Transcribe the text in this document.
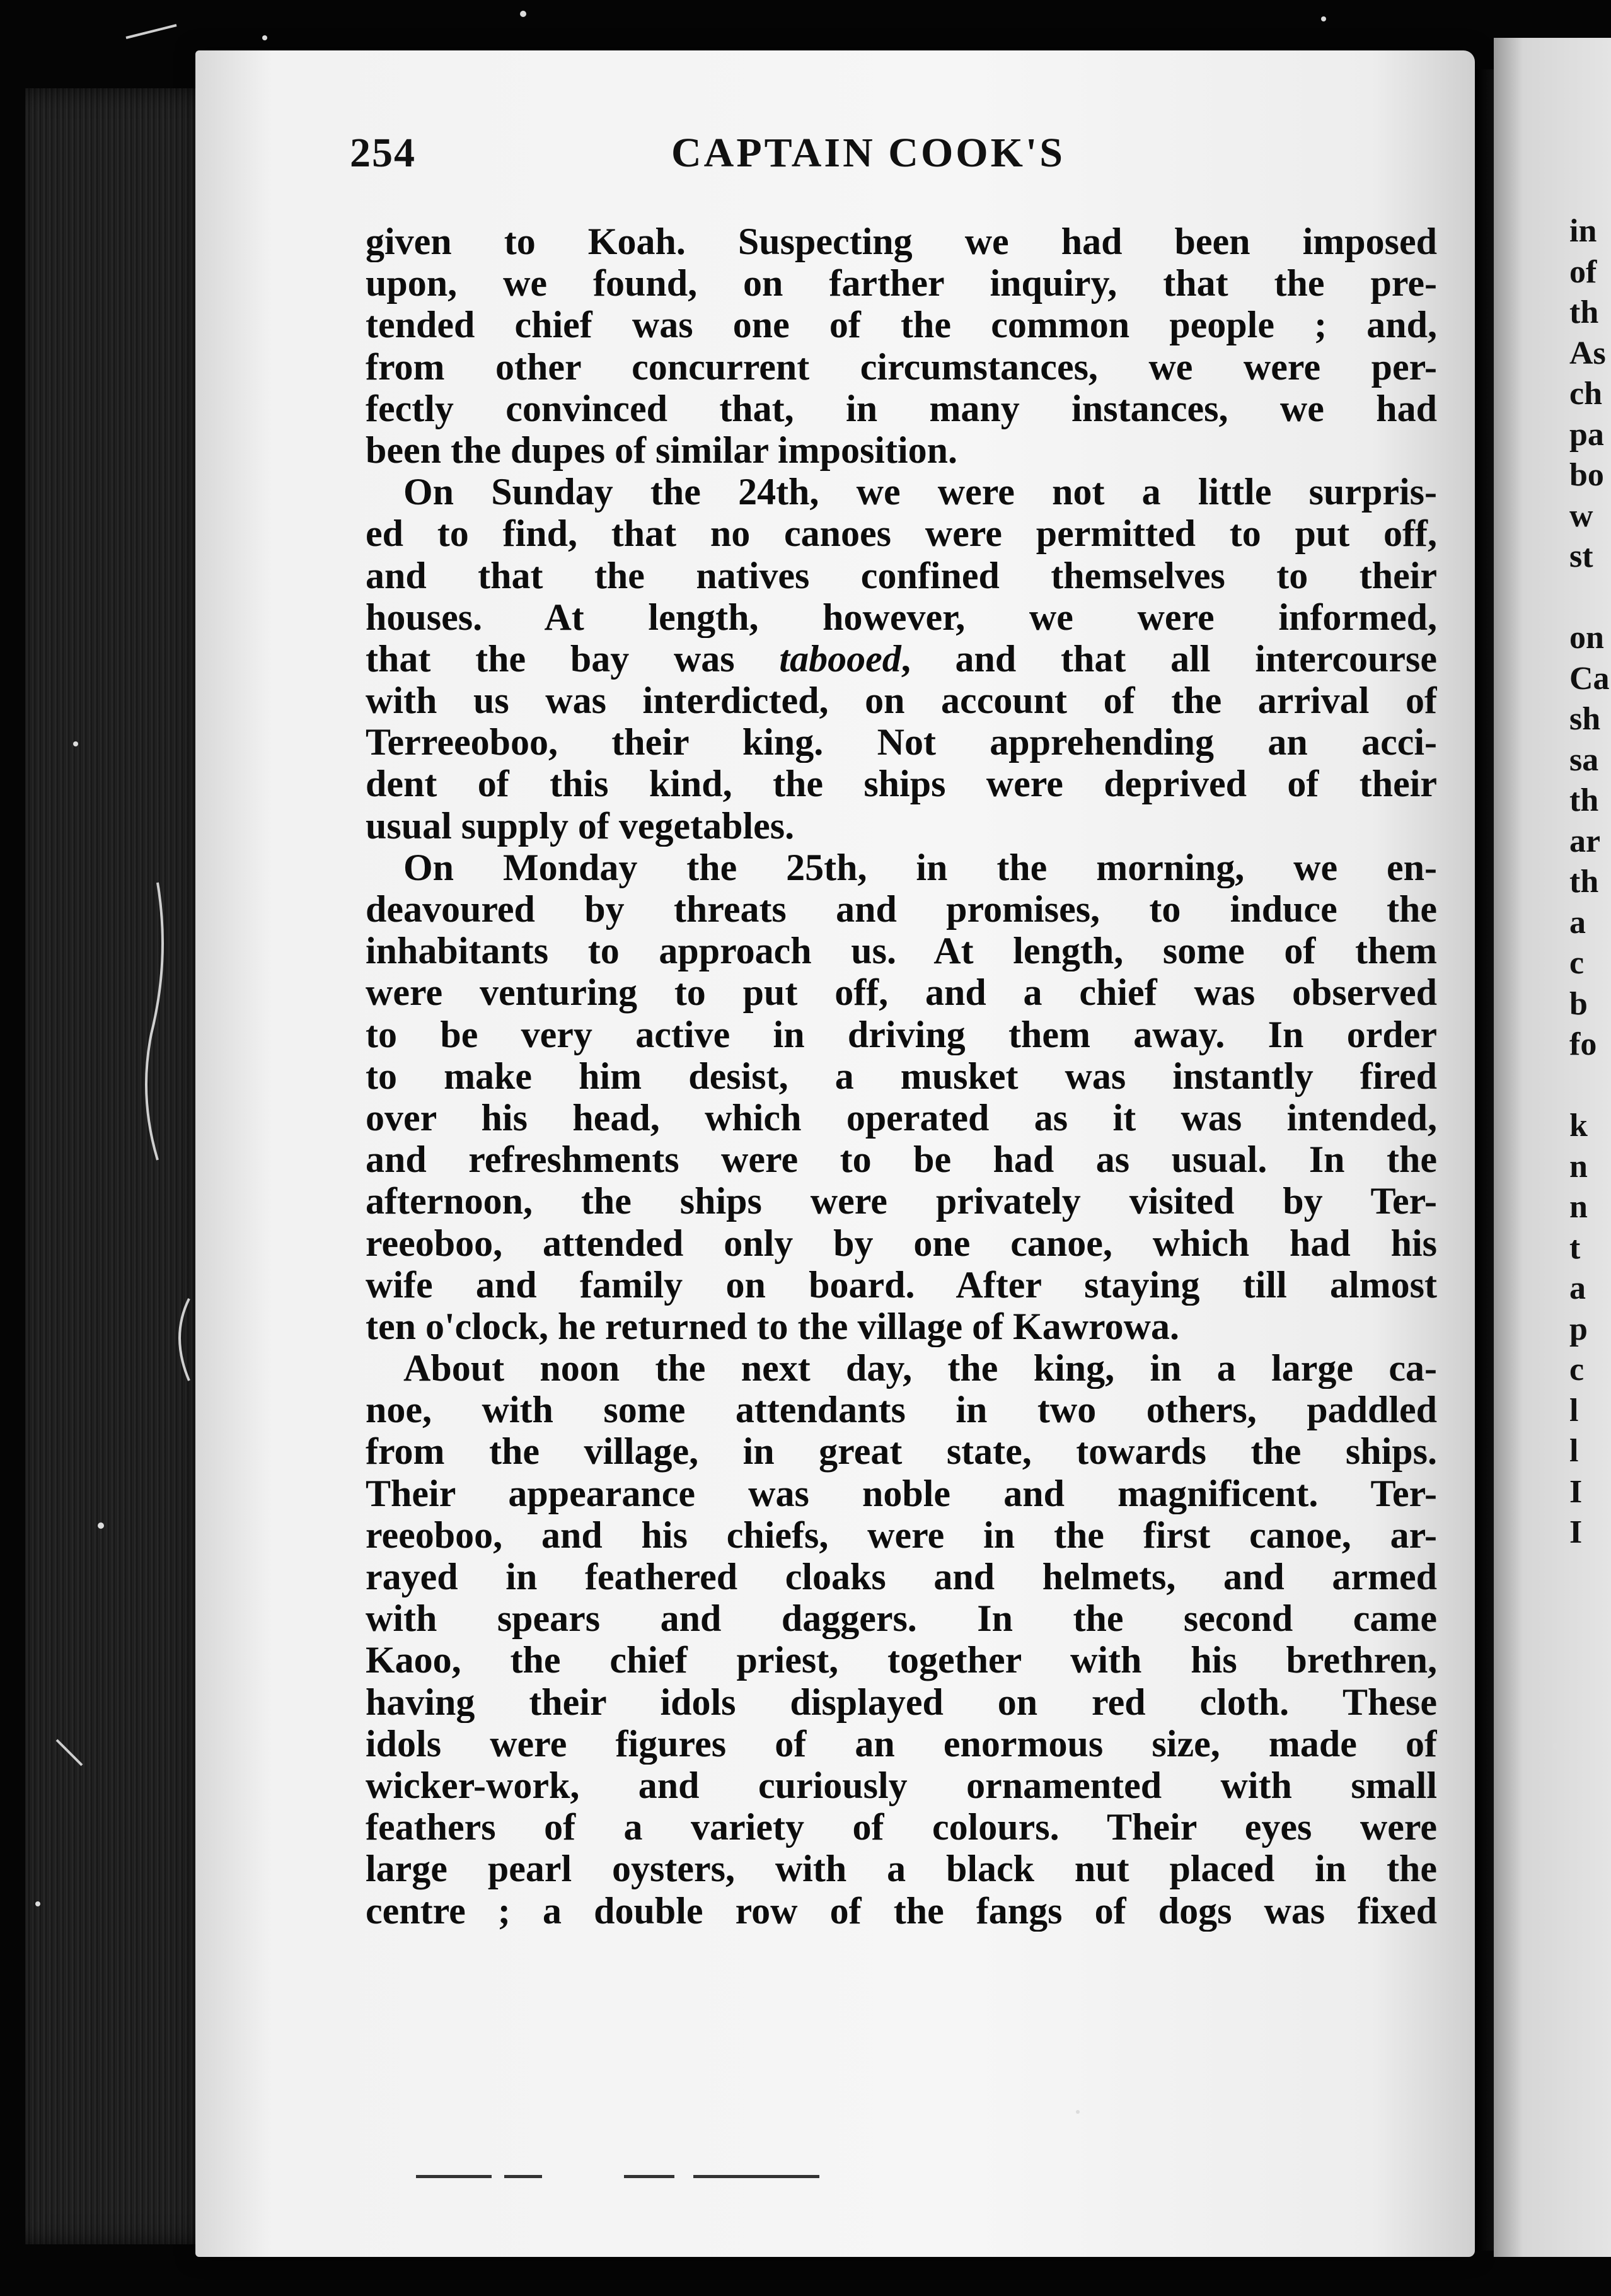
in
of
th
As
ch
pa
bo
w
st
on
Ca
sh
sa
th
ar
th
a
c
b
fo
k
n
n
t
a
p
c
l
l
I
I
254	CAPTAIN COOK'S
given to Koah. Suspecting we had been imposed
upon, we found, on farther inquiry, that the pre-
tended chief was one of the common people ; and,
from other concurrent circumstances, we were per-
fectly convinced that, in many instances, we had
been the dupes of similar imposition.
On Sunday the 24th, we were not a little surpris-
ed to find, that no canoes were permitted to put off,
and that the natives confined themselves to their
houses. At length, however, we were informed,
that the bay was tabooed, and that all intercourse
with us was interdicted, on account of the arrival of
Terreeoboo, their king. Not apprehending an acci-
dent of this kind, the ships were deprived of their
usual supply of vegetables.
On Monday the 25th, in the morning, we en-
deavoured by threats and promises, to induce the
inhabitants to approach us. At length, some of them
were venturing to put off, and a chief was observed
to be very active in driving them away. In order
to make him desist, a musket was instantly fired
over his head, which operated as it was intended,
and refreshments were to be had as usual. In the
afternoon, the ships were privately visited by Ter-
reeoboo, attended only by one canoe, which had his
wife and family on board. After staying till almost
ten o'clock, he returned to the village of Kawrowa.
About noon the next day, the king, in a large ca-
noe, with some attendants in two others, paddled
from the village, in great state, towards the ships.
Their appearance was noble and magnificent. Ter-
reeoboo, and his chiefs, were in the first canoe, ar-
rayed in feathered cloaks and helmets, and armed
with spears and daggers. In the second came
Kaoo, the chief priest, together with his brethren,
having their idols displayed on red cloth. These
idols were figures of an enormous size, made of
wicker-work, and curiously ornamented with small
feathers of a variety of colours. Their eyes were
large pearl oysters, with a black nut placed in the
centre ; a double row of the fangs of dogs was fixed
